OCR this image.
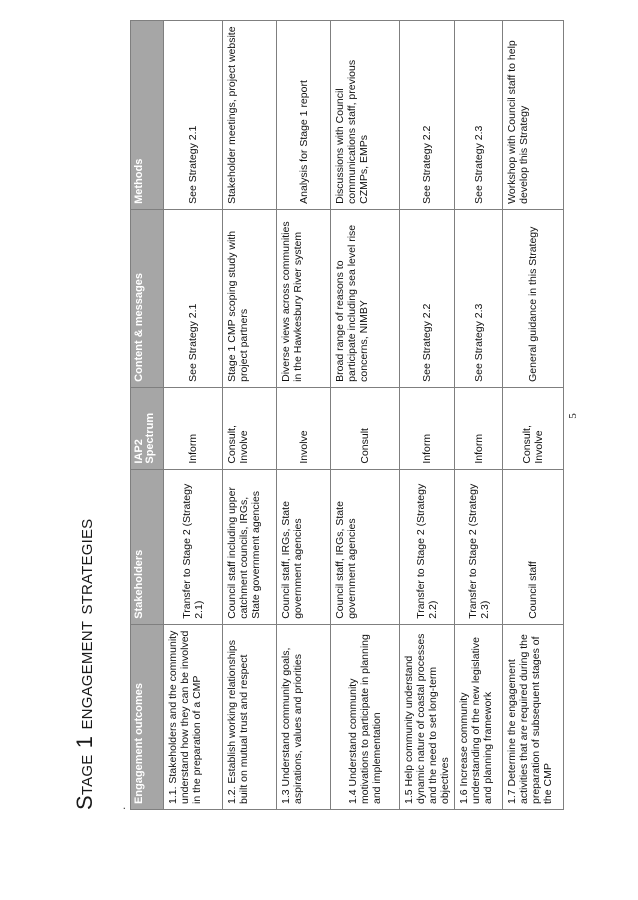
Stage 1 engagement strategies .
Engagement outcomes	Stakeholders	IAP2 Spectrum	Content & messages	Methods
1.1. Stakeholders and the community understand how they can be involved in the preparation of a CMP	Transfer to Stage 2 (Strategy 2.1)	Inform	See Strategy 2.1	See Strategy 2.1
1.2. Establish working relationships built on mutual trust and respect	Council staff including upper catchment councils, IRGs, State government agencies	Consult, Involve	Stage 1 CMP scoping study with project partners	Stakeholder meetings, project website
1.3 Understand community goals, aspirations, values and priorities	Council staff, IRGs, State government agencies	Involve	Diverse views across communities in the Hawkesbury River system	Analysis for Stage 1 report
1.4 Understand community motivations to participate in planning and implementation	Council staff, IRGs, State government agencies	Consult	Broad range of reasons to participate including sea level rise concerns, NIMBY	Discussions with Council communications staff, previous CZMPs, EMPs
1.5 Help community understand dynamic nature of coastal processes and the need to set long-term objectives	Transfer to Stage 2 (Strategy 2.2)	Inform	See Strategy 2.2	See Strategy 2.2
1.6 Increase community understanding of the new legislative and planning framework	Transfer to Stage 2 (Strategy 2.3)	Inform	See Strategy 2.3	See Strategy 2.3
1.7 Determine the engagement activities that are required during the preparation of subsequent stages of the CMP	Council staff	Consult, Involve	General guidance in this Strategy	Workshop with Council staff to help develop this Strategy
5
